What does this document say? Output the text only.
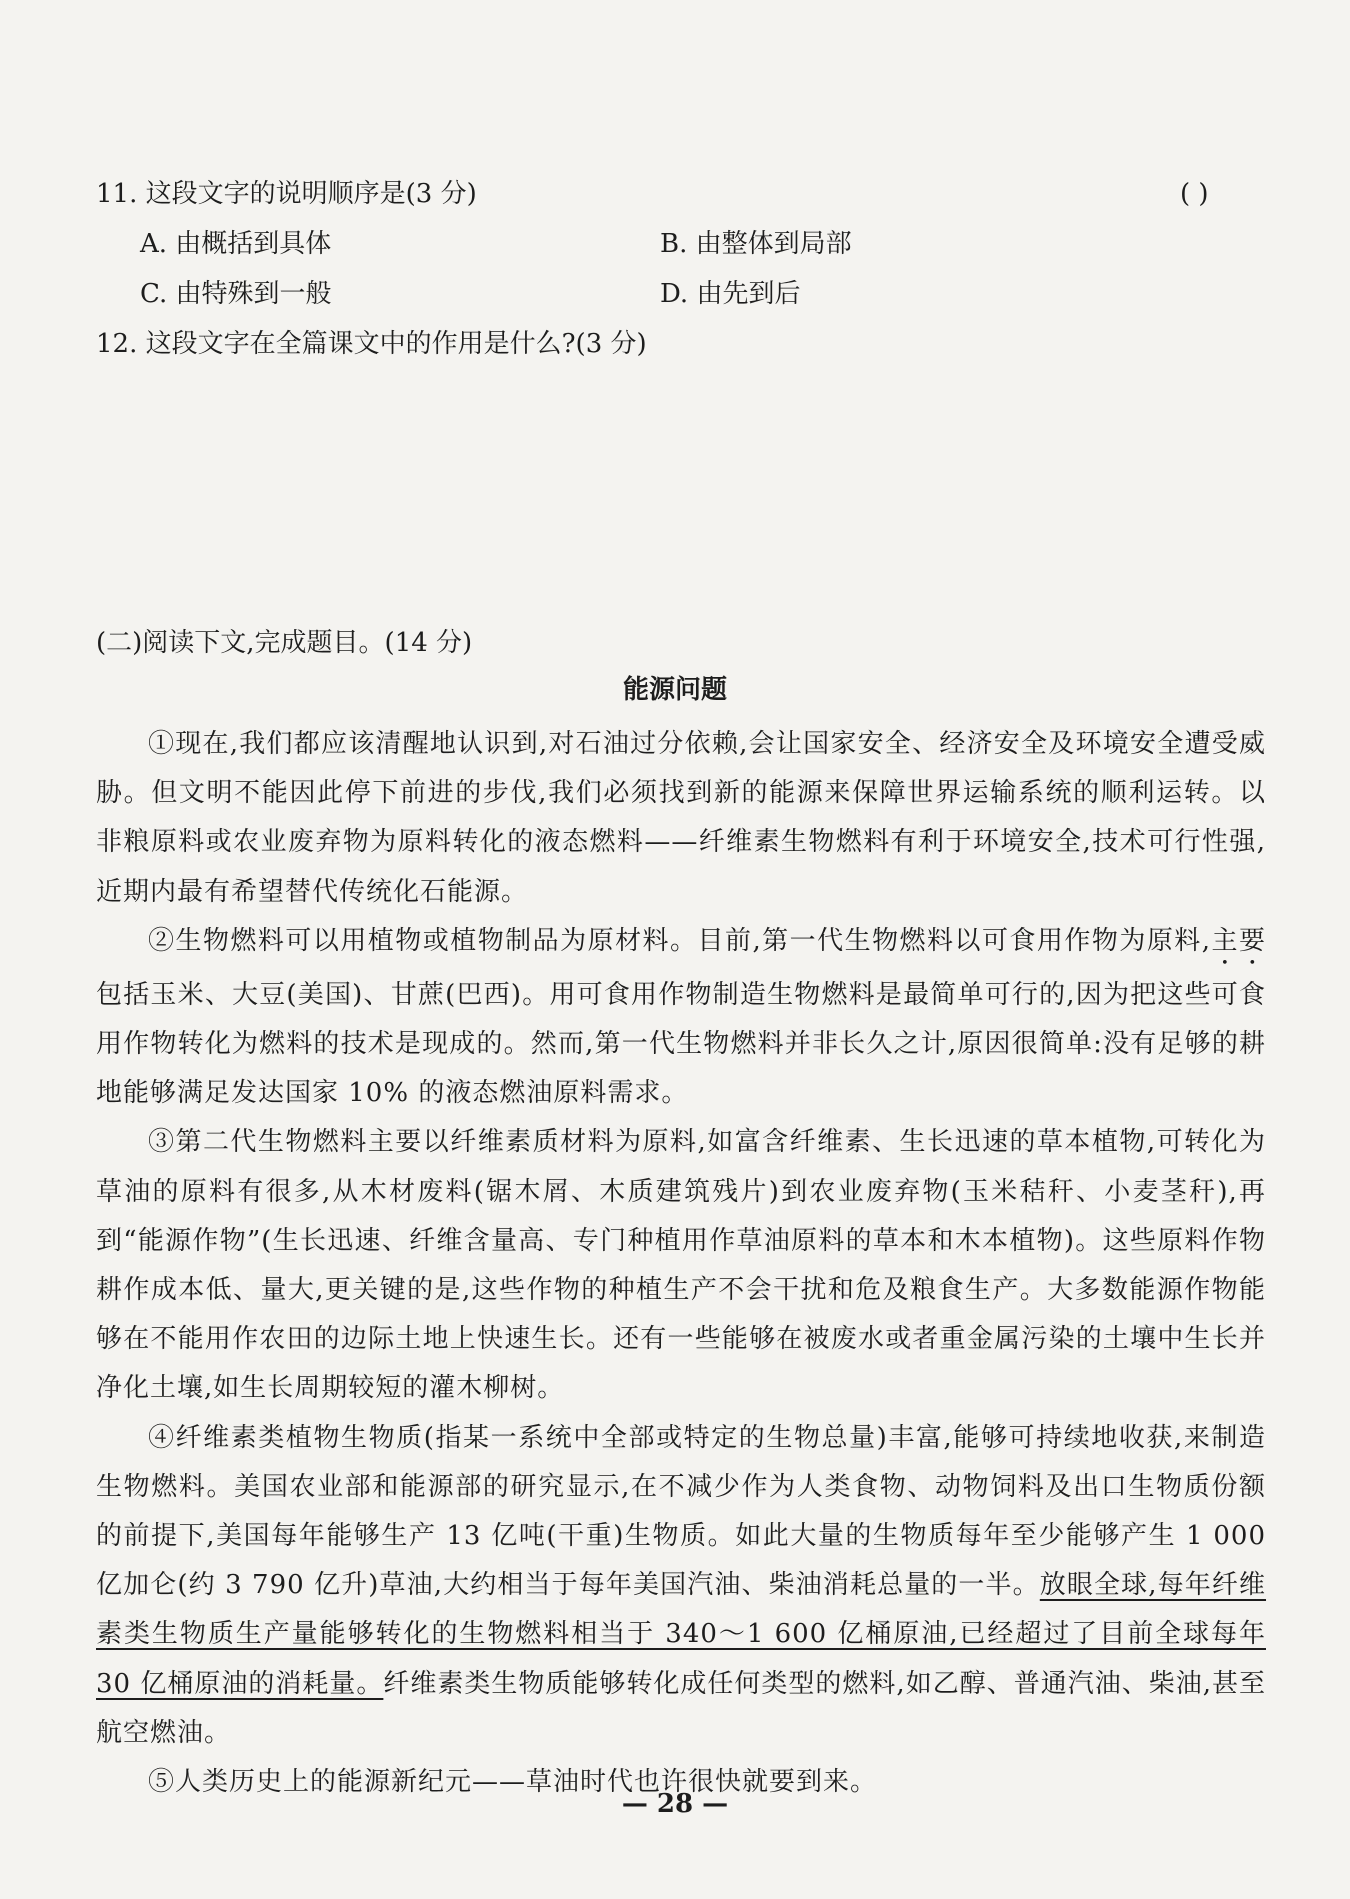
11. 这段文字的说明顺序是(3 分)	( )
A. 由概括到具体	B. 由整体到局部
C. 由特殊到一般	D. 由先到后
12. 这段文字在全篇课文中的作用是什么?(3 分)
(二)阅读下文,完成题目。(14 分)
能源问题

①现在,我们都应该清醒地认识到,对石油过分依赖,会让国家安全、经济安全及环境安全遭受威胁。但文明不能因此停下前进的步伐,我们必须找到新的能源来保障世界运输系统的顺利运转。以非粮原料或农业废弃物为原料转化的液态燃料——纤维素生物燃料有利于环境安全,技术可行性强,近期内最有希望替代传统化石能源。

②生物燃料可以用植物或植物制品为原材料。目前,第一代生物燃料以可食用作物为原料,主要包括玉米、大豆(美国)、甘蔗(巴西)。用可食用作物制造生物燃料是最简单可行的,因为把这些可食用作物转化为燃料的技术是现成的。然而,第一代生物燃料并非长久之计,原因很简单:没有足够的耕地能够满足发达国家 10% 的液态燃油原料需求。

③第二代生物燃料主要以纤维素质材料为原料,如富含纤维素、生长迅速的草本植物,可转化为草油的原料有很多,从木材废料(锯木屑、木质建筑残片)到农业废弃物(玉米秸秆、小麦茎秆),再到“能源作物”(生长迅速、纤维含量高、专门种植用作草油原料的草本和木本植物)。这些原料作物耕作成本低、量大,更关键的是,这些作物的种植生产不会干扰和危及粮食生产。大多数能源作物能够在不能用作农田的边际土地上快速生长。还有一些能够在被废水或者重金属污染的土壤中生长并净化土壤,如生长周期较短的灌木柳树。

④纤维素类植物生物质(指某一系统中全部或特定的生物总量)丰富,能够可持续地收获,来制造生物燃料。美国农业部和能源部的研究显示,在不减少作为人类食物、动物饲料及出口生物质份额的前提下,美国每年能够生产 13 亿吨(干重)生物质。如此大量的生物质每年至少能够产生 1 000 亿加仑(约 3 790 亿升)草油,大约相当于每年美国汽油、柴油消耗总量的一半。放眼全球,每年纤维素类生物质生产量能够转化的生物燃料相当于 340～1 600 亿桶原油,已经超过了目前全球每年 30 亿桶原油的消耗量。纤维素类生物质能够转化成任何类型的燃料,如乙醇、普通汽油、柴油,甚至航空燃油。

⑤人类历史上的能源新纪元——草油时代也许很快就要到来。

— 28 —
